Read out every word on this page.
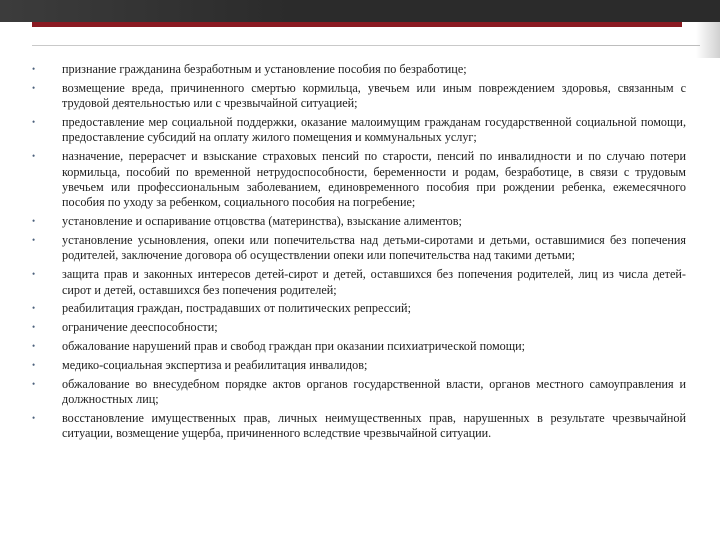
• признание гражданина безработным и установление пособия по безработице;
• возмещение вреда, причиненного смертью кормильца, увечьем или иным повреждением здоровья, связанным с трудовой деятельностью или с чрезвычайной ситуацией;
• предоставление мер социальной поддержки, оказание малоимущим гражданам государственной социальной помощи, предоставление субсидий на оплату жилого помещения и коммунальных услуг;
• назначение, перерасчет и взыскание страховых пенсий по старости, пенсий по инвалидности и по случаю потери кормильца, пособий по временной нетрудоспособности, беременности и родам, безработице, в связи с трудовым увечьем или профессиональным заболеванием, единовременного пособия при рождении ребенка, ежемесячного пособия по уходу за ребенком, социального пособия на погребение;
• установление и оспаривание отцовства (материнства), взыскание алиментов;
• установление усыновления, опеки или попечительства над детьми-сиротами и детьми, оставшимися без попечения родителей, заключение договора об осуществлении опеки или попечительства над такими детьми;
• защита прав и законных интересов детей-сирот и детей, оставшихся без попечения родителей, лиц из числа детей-сирот и детей, оставшихся без попечения родителей;
• реабилитация граждан, пострадавших от политических репрессий;
• ограничение дееспособности;
• обжалование нарушений прав и свобод граждан при оказании психиатрической помощи;
• медико-социальная экспертиза и реабилитация инвалидов;
• обжалование во внесудебном порядке актов органов государственной власти, органов местного самоуправления и должностных лиц;
• восстановление имущественных прав, личных неимущественных прав, нарушенных в результате чрезвычайной ситуации, возмещение ущерба, причиненного вследствие чрезвычайной ситуации.
